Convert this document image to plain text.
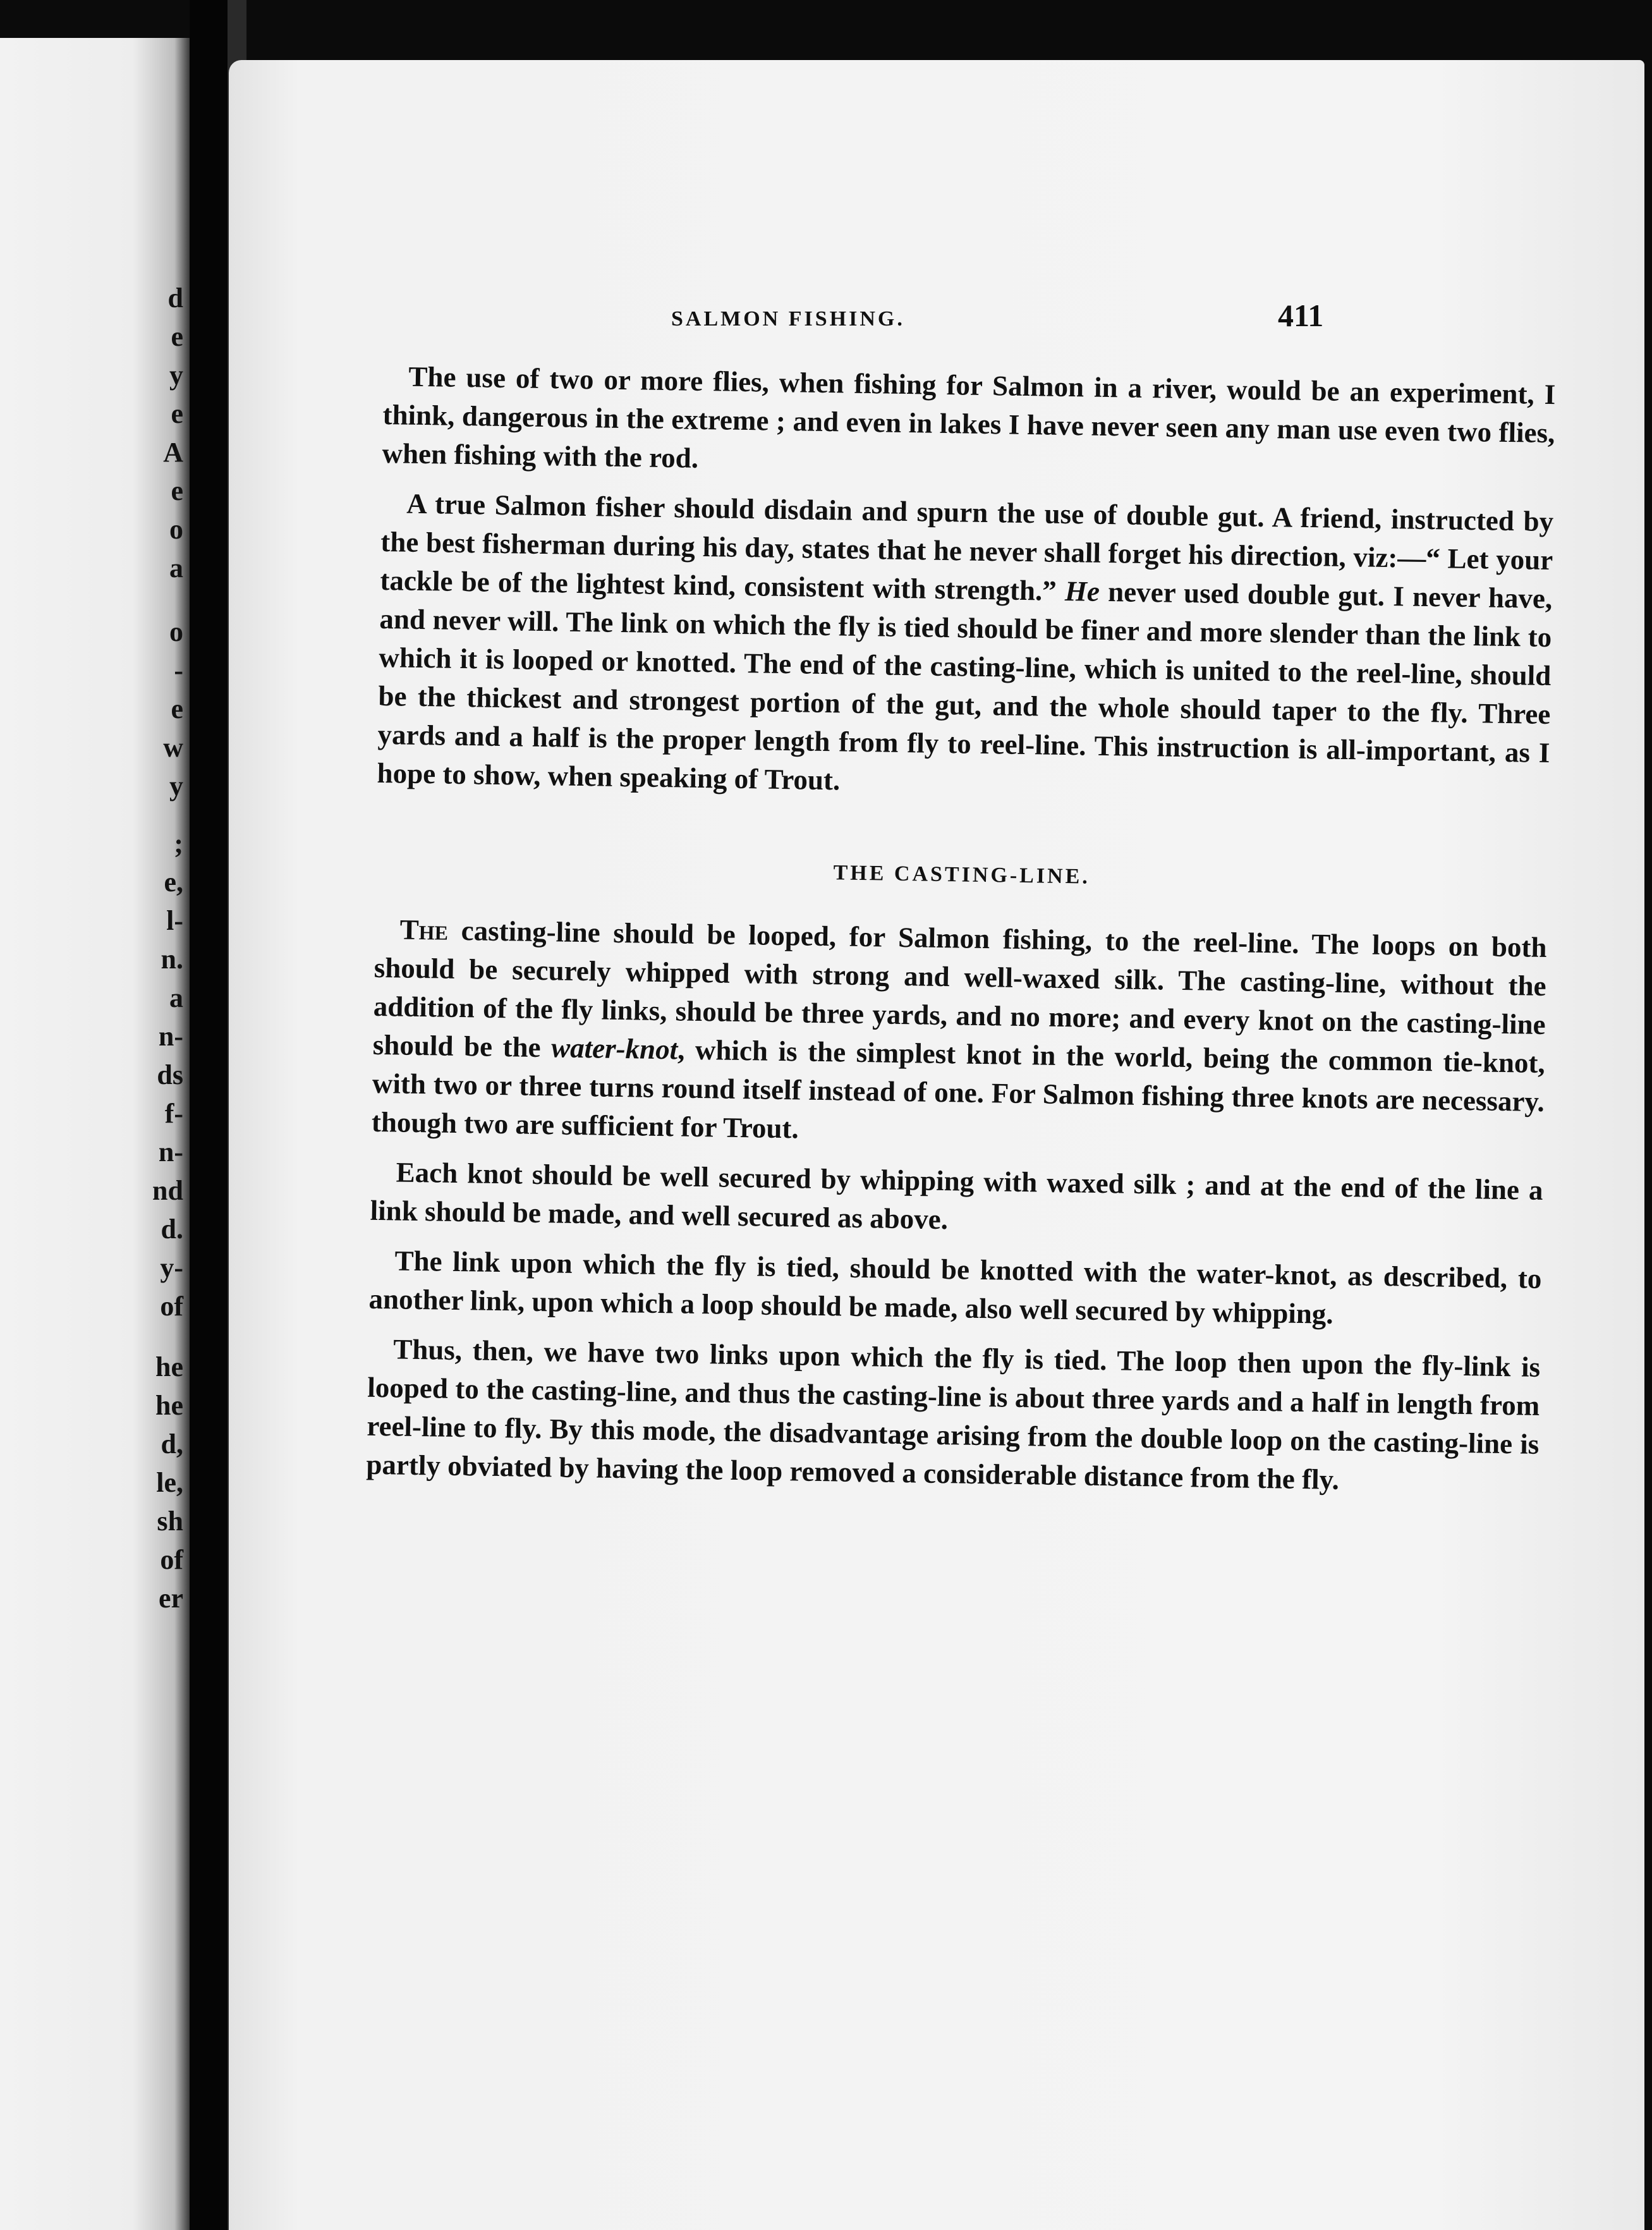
d
e
y
e
A
e
o
a
o
-
e
w
y
;
e,
l-
n.
a
n-
ds
f-
n-
nd
d.
y-
of
he
he
d,
le,
sh
of
er
SALMON FISHING.	411

The use of two or more flies, when fishing for Salmon in a river, would be an experiment, I think, dangerous in the extreme ; and even in lakes I have never seen any man use even two flies, when fishing with the rod.

A true Salmon fisher should disdain and spurn the use of double gut. A friend, instructed by the best fisherman during his day, states that he never shall forget his direction, viz:—“ Let your tackle be of the lightest kind, consistent with strength.” He never used double gut. I never have, and never will. The link on which the fly is tied should be finer and more slender than the link to which it is looped or knotted. The end of the casting-line, which is united to the reel-line, should be the thickest and strongest portion of the gut, and the whole should taper to the fly. Three yards and a half is the proper length from fly to reel-line. This instruction is all-important, as I hope to show, when speaking of Trout.

THE CASTING-LINE.

The casting-line should be looped, for Salmon fishing, to the reel-line. The loops on both should be securely whipped with strong and well-waxed silk. The casting-line, without the addition of the fly links, should be three yards, and no more; and every knot on the casting-line should be the water-knot, which is the simplest knot in the world, being the common tie-knot, with two or three turns round itself instead of one. For Salmon fishing three knots are necessary. though two are sufficient for Trout.

Each knot should be well secured by whipping with waxed silk ; and at the end of the line a link should be made, and well secured as above.

The link upon which the fly is tied, should be knotted with the water-knot, as described, to another link, upon which a loop should be made, also well secured by whipping.

Thus, then, we have two links upon which the fly is tied. The loop then upon the fly-link is looped to the casting-line, and thus the casting-line is about three yards and a half in length from reel-line to fly. By this mode, the disadvantage arising from the double loop on the casting-line is partly obviated by having the loop removed a considerable distance from the fly.
